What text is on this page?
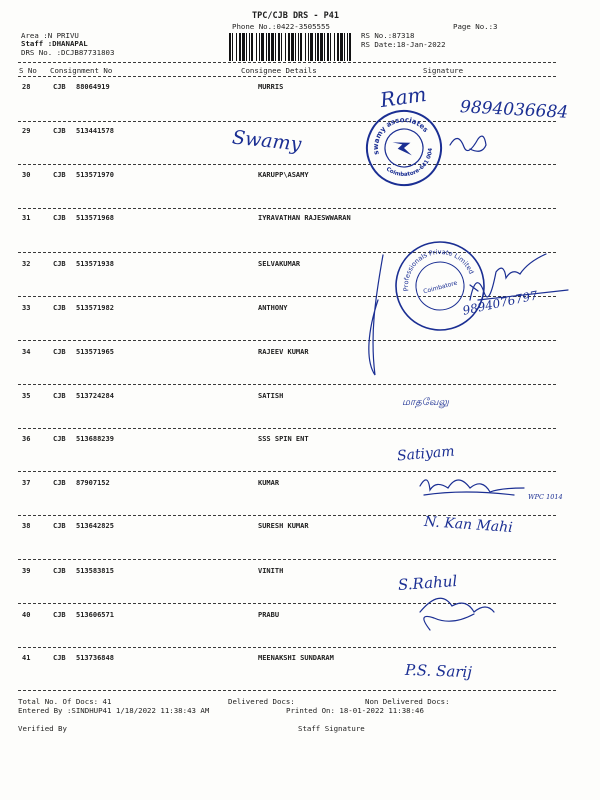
TPC/CJB DRS - P41
Phone No.:0422-3505555	Page No.:3
Area :N PRIVU
Staff :DHANAPAL
DRS No. :DCJB87731803
RS No.:87318
RS Date:18-Jan-2022
S No Consignment No	Consignee Details	Signature
28	CJB 88064919	MURRIS
29	CJB 513441578
30	CJB 513571970	KARUPP\ASAMY
31	CJB 513571968	IYRAVATHAN RAJESWWARAN
32	CJB 513571938	SELVAKUMAR
33	CJB 513571982	ANTHONY
34	CJB 513571965	RAJEEV KUMAR
35	CJB 513724284	SATISH
36	CJB 513688239	SSS SPIN ENT
37	CJB 87907152	KUMAR
38	CJB 513642825	SURESH KUMAR
39	CJB 513583815	VINITH
40	CJB 513606571	PRABU
41	CJB 513736848	MEENAKSHI SUNDARAM
Ram 9894036684
Swamy
9894076797
மாதவேலு
Satiyam
WPC 1014
N. Kan Mahi
S.Rahul
P.S. Sarij
swamy associates
Coimbatore-641 004
Professionals Private Limited
Coimbatore
Total No. Of Docs: 41	Delivered Docs:	Non Delivered Docs:
Entered By :SINDHUP41 1/18/2022 11:38:43 AM	Printed On: 18-01-2022 11:38:46
Verified By	Staff Signature
